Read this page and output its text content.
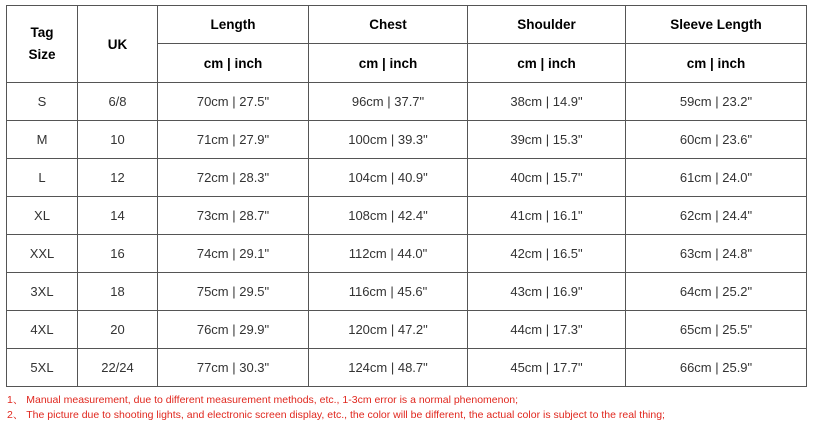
Tag
Size	UK	Length	Chest	Shoulder	Sleeve Length
		cm | inch	cm | inch	cm | inch	cm | inch
S	6/8	70cm | 27.5"	96cm | 37.7"	38cm | 14.9"	59cm | 23.2"
M	10	71cm | 27.9"	100cm | 39.3"	39cm | 15.3"	60cm | 23.6"
L	12	72cm | 28.3"	104cm | 40.9"	40cm | 15.7"	61cm | 24.0"
XL	14	73cm | 28.7"	108cm | 42.4"	41cm | 16.1"	62cm | 24.4"
XXL	16	74cm | 29.1"	112cm | 44.0"	42cm | 16.5"	63cm | 24.8"
3XL	18	75cm | 29.5"	116cm | 45.6"	43cm | 16.9"	64cm | 25.2"
4XL	20	76cm | 29.9"	120cm | 47.2"	44cm | 17.3"	65cm | 25.5"
5XL	22/24	77cm | 30.3"	124cm | 48.7"	45cm | 17.7"	66cm | 25.9"
1、 Manual measurement, due to different measurement methods, etc., 1-3cm error is a normal phenomenon;
2、 The picture due to shooting lights, and electronic screen display, etc., the color will be different, the actual color is subject to the real thing;
